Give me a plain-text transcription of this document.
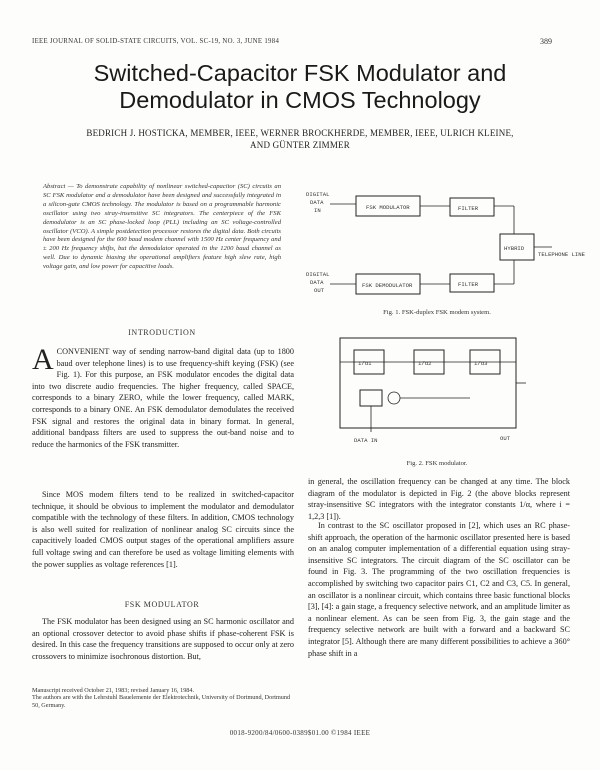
IEEE JOURNAL OF SOLID-STATE CIRCUITS, VOL. SC-19, NO. 3, JUNE 1984	389
Switched-Capacitor FSK Modulator and Demodulator in CMOS Technology
BEDRICH J. HOSTICKA, MEMBER, IEEE, WERNER BROCKHERDE, MEMBER, IEEE, ULRICH KLEINE,
AND GÜNTER ZIMMER
Abstract — To demonstrate capability of nonlinear switched-capacitor (SC) circuits an SC FSK modulator and a demodulator have been designed and successfully integrated in a silicon-gate CMOS technology. The modulator is based on a programmable harmonic oscillator using two stray-insensitive SC integrators. The centerpiece of the FSK demodulator is an SC phase-locked loop (PLL) including an SC voltage-controlled oscillator (VCO). A simple postdetection processor restores the digital data. Both circuits have been designed for the 600 baud modem channel with 1500 Hz center frequency and ± 200 Hz frequency shifts, but the demodulator operated in the 1200 baud channel as well. Due to dynamic biasing the operational amplifiers feature high slew rate, high voltage gain, and low power for capacitive loads.
DIGITAL
DATA
IN	FSK MODULATOR	FILTER
HYBRID
TELEPHONE LINE
FILTER
FSK DEMODULATOR
DIGITAL
DATA
OUT
Fig. 1. FSK-duplex FSK modem system.
1/α1	1/α2	1/α3
DATA IN	OUT
Fig. 2. FSK modulator.
INTRODUCTION
ACONVENIENT way of sending narrow-band digital data (up to 1800 baud over telephone lines) is to use frequency-shift keying (FSK) (see Fig. 1). For this purpose, an FSK modulator encodes the digital data into two discrete audio frequencies. The higher frequency, called SPACE, corresponds to a binary ZERO, while the lower frequency, called MARK, corresponds to a binary ONE. An FSK demodulator demodulates the received FSK signal and restores the original data in binary format. In general, additional bandpass filters are used to suppress the out-band noise and to reduce the harmonics of the FSK transmitter.
Since MOS modem filters tend to be realized in switched-capacitor technique, it should be obvious to implement the modulator and demodulator compatible with the technology of these filters. In addition, CMOS technology is also well suited for realization of nonlinear analog SC circuits since the capacitively loaded CMOS output stages of the operational amplifiers assure full voltage swing and can therefore be used as voltage limiting elements with the power supplies as voltage references [1].
FSK MODULATOR
The FSK modulator has been designed using an SC harmonic oscillator and an optional crossover detector to avoid phase shifts if phase-coherent FSK is desired. In this case the frequency transitions are supposed to occur only at zero crossovers to minimize isochronous distortion. But,
Manuscript received October 21, 1983; revised January 16, 1984.
The authors are with the Lehrstuhl Bauelemente der Elektrotechnik, University of Dortmund, Dortmund 50, Germany.
in general, the oscillation frequency can be changed at any time. The block diagram of the modulator is depicted in Fig. 2 (the above blocks represent stray-insensitive SC integrators with the integrator constants 1/α, where i = 1,2,3 [1]).
In contrast to the SC oscillator proposed in [2], which uses an RC phase-shift approach, the operation of the harmonic oscillator presented here is based on an analog computer implementation of a differential equation using stray-insensitive SC integrators. The circuit diagram of the SC oscillator can be found in Fig. 3. The programming of the two oscillation frequencies is accomplished by switching two capacitor pairs C1, C2 and C3, C5. In general, an oscillator is a nonlinear circuit, which contains three basic functional blocks [3], [4]: a gain stage, a frequency selective network, and an amplitude limiter as a nonlinear element. As can be seen from Fig. 3, the gain stage and the frequency selective network are built with a forward and a backward SC integrator [5]. Although there are many different possibilities to achieve a 360° phase shift in a
0018-9200/84/0600-0389$01.00 ©1984 IEEE
